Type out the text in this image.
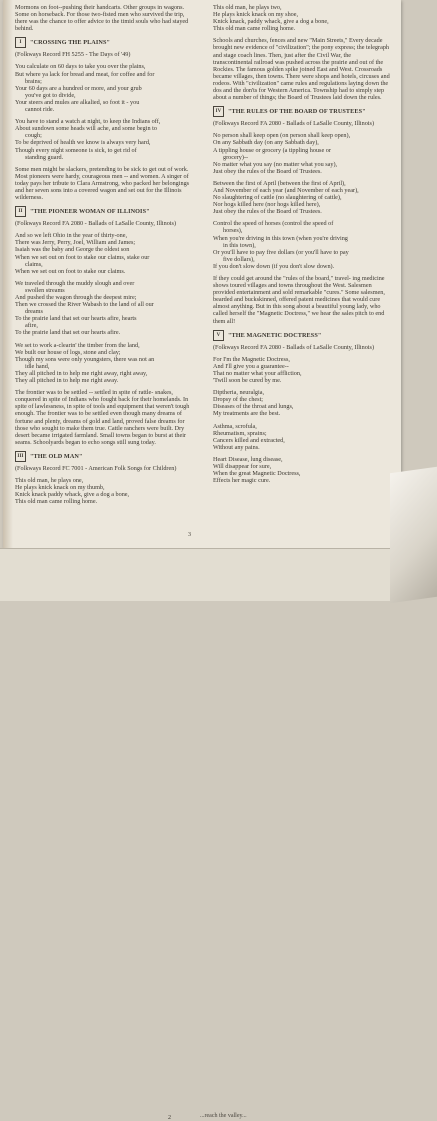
Mormons on foot--pushing their handcarts. Other groups in wagons. Some on horseback. For those two-fisted men who survived the trip, there was the chance to offer advice to the timid souls who had stayed behind.

I	"CROSSING THE PLAINS"

(Folkways Record FH 5255 - The Days of '49)

You calculate on 60 days to take you over the plains,
But where ya lack for bread and meat, for coffee and for
brains;
Your 60 days are a hundred or more, and your grub
you've got to divide,
Your steers and mules are alkalied, so foot it - you
cannot ride.
You have to stand a watch at night, to keep the Indians off,
About sundown some heads will ache, and some begin to
cough;
To be deprived of health we know is always very hard,
Though every night someone is sick, to get rid of
standing guard.

Some men might be slackers, pretending to be sick to get out of work. Most pioneers were hardy, courageous men -- and women. A singer of today pays her tribute to Clara Armstrong, who packed her belongings and her seven sons into a covered wagon and set out for the Illinois wilderness.

II	"THE PIONEER WOMAN OF ILLINOIS"

(Folkways Record FA 2080 - Ballads of LaSalle County, Illinois)

And so we left Ohio in the year of thirty-one,
There was Jerry, Perry, Joel, William and James;
Isaiah was the baby and George the oldest son
When we set out on foot to stake our claims, stake our
claims,
When we set out on foot to stake our claims.
We traveled through the muddy slough and over
swollen streams
And pushed the wagon through the deepest mire;
Then we crossed the River Wabash to the land of all our
dreams
To the prairie land that set our hearts afire, hearts
afire,
To the prairie land that set our hearts afire.
We set to work a-clearin' the timber from the land,
We built our house of logs, stone and clay;
Though my sons were only youngsters, there was not an
idle hand,
They all pitched in to help me right away, right away,
They all pitched in to help me right away.

The frontier was to be settled -- settled in spite of rattle- snakes, conquered in spite of Indians who fought back for their homelands. In spite of lawlessness, in spite of tools and equipment that weren't tough enough. The frontier was to be settled even though many dreams of fortune and plenty, dreams of gold and land, proved false dreams for those who sought to make them true. Cattle ranchers were built. Dry desert became irrigated farmland. Small towns began to burst at their seams. Schoolyards began to echo songs still sung today.

III	"THE OLD MAN"

(Folkways Record FC 7001 - American Folk Songs for Children)

This old man, he plays one,
He plays knick knack on my thumb,
Knick knack paddy whack, give a dog a bone,
This old man came rolling home.
This old man, he plays two,
He plays knick knack on my shoe,
Knick knack, paddy whack, give a dog a bone,
This old man came rolling home.

Schools and churches, fences and new "Main Streets," Every decade brought new evidence of "civilization"; the pony express; the telegraph and stage coach lines. Then, just after the Civil War, the transcontinental railroad was pushed across the prairie and out of the Rockies. The famous golden spike joined East and West. Crossroads became villages, then towns. There were shops and hotels, circuses and rodeos. With "civilization" came rules and regulations laying down the dos and the don'ts for Western America. Township had to simply step about a number of things; the Board of Trustees laid down the rules.

IV	"THE RULES OF THE BOARD OF TRUSTEES"

(Folkways Record FA 2080 - Ballads of LaSalle County, Illinois)

No person shall keep open (on person shall keep open),
On any Sabbath day (on any Sabbath day),
A tippling house or grocery (a tippling house or
grocery)--
No matter what you say (no matter what you say),
Just obey the rules of the Board of Trustees.
Between the first of April (between the first of April),
And November of each year (and November of each year),
No slaughtering of cattle (no slaughtering of cattle),
Nor hogs killed here (nor hogs killed here),
Just obey the rules of the Board of Trustees.
Control the speed of horses (control the speed of
horses),
When you're driving in this town (when you're driving
in this town),
Or you'll have to pay five dollars (or you'll have to pay
five dollars),
If you don't slow down (if you don't slow down).

If they could get around the "rules of the board," travel- ing medicine shows toured villages and towns throughout the West. Salesmen provided entertainment and sold remarkable "cures." Some salesmen, bearded and buckskinned, offered patent medicines that would cure almost anything. But in this song about a beautiful young lady, who called herself the "Magnetic Doctress," we hear the sales pitch to end them all!

V	"THE MAGNETIC DOCTRESS"

(Folkways Record FA 2080 - Ballads of LaSalle County, Illinois)

For I'm the Magnetic Doctress,
And I'll give you a guarantee--
That no matter what your affliction,
'Twill soon be cured by me.
Diptheria, neuralgia,
Dropsy of the chest;
Diseases of the throat and lungs,
My treatments are the best.
Asthma, scrofula,
Rheumatism, sprains;
Cancers killed and extracted,
Without any pains.
Heart Disease, lung disease,
Will disappear for sure,
When the great Magnetic Doctress,
Effects her magic cure.
3
2	...reach the valley...
